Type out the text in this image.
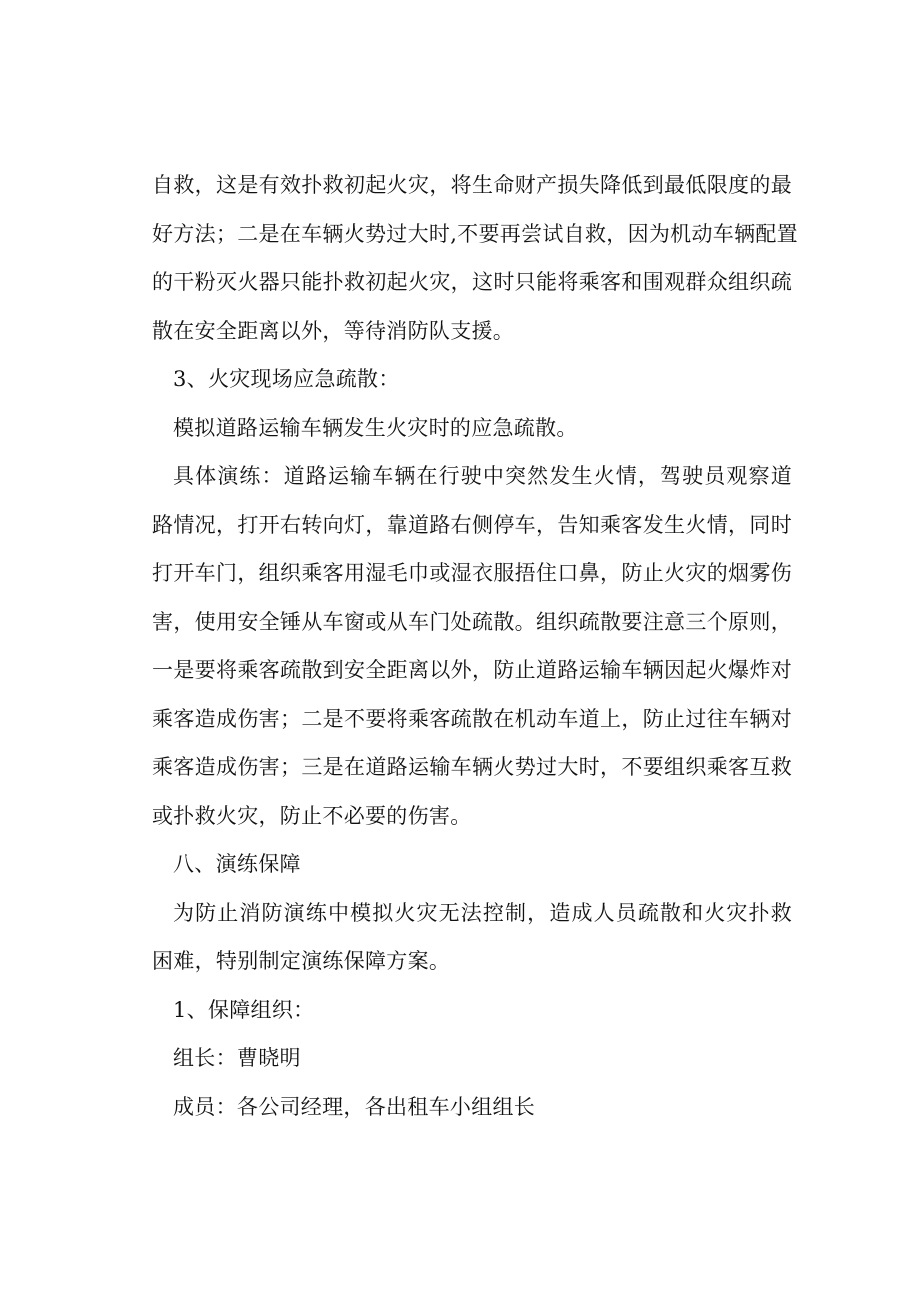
自救，这是有效扑救初起火灾，将生命财产损失降低到最低限度的最
好方法；二是在车辆火势过大时,不要再尝试自救，因为机动车辆配置
的干粉灭火器只能扑救初起火灾，这时只能将乘客和围观群众组织疏
散在安全距离以外，等待消防队支援。
3、火灾现场应急疏散：
模拟道路运输车辆发生火灾时的应急疏散。
具体演练：道路运输车辆在行驶中突然发生火情，驾驶员观察道
路情况，打开右转向灯，靠道路右侧停车，告知乘客发生火情，同时
打开车门，组织乘客用湿毛巾或湿衣服捂住口鼻，防止火灾的烟雾伤
害，使用安全锤从车窗或从车门处疏散。组织疏散要注意三个原则，
一是要将乘客疏散到安全距离以外，防止道路运输车辆因起火爆炸对
乘客造成伤害；二是不要将乘客疏散在机动车道上，防止过往车辆对
乘客造成伤害；三是在道路运输车辆火势过大时，不要组织乘客互救
或扑救火灾，防止不必要的伤害。
八、演练保障
为防止消防演练中模拟火灾无法控制，造成人员疏散和火灾扑救
困难，特别制定演练保障方案。
1、保障组织：
组长：曹晓明
成员：各公司经理，各出租车小组组长
